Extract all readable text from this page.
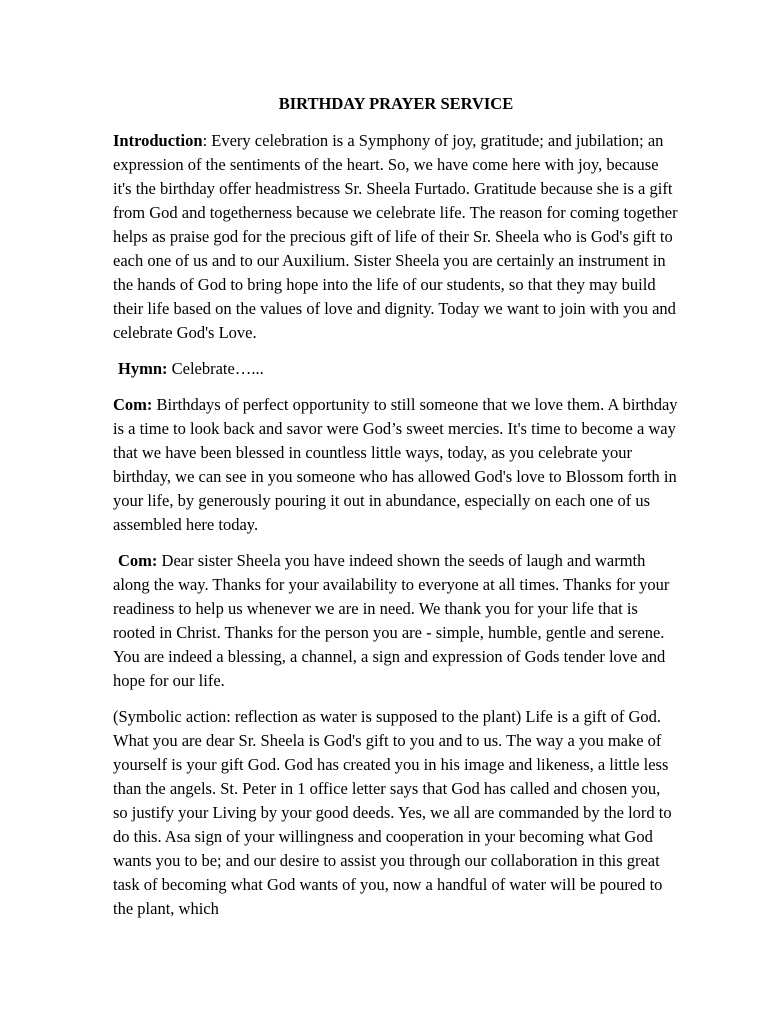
BIRTHDAY PRAYER SERVICE

Introduction: Every celebration is a Symphony of joy, gratitude; and jubilation; an expression of the sentiments of the heart. So, we have come here with joy, because it's the birthday offer headmistress Sr. Sheela Furtado. Gratitude because she is a gift from God and togetherness because we celebrate life. The reason for coming together helps as praise god for the precious gift of life of their Sr. Sheela who is God's gift to each one of us and to our Auxilium. Sister Sheela you are certainly an instrument in the hands of God to bring hope into the life of our students, so that they may build their life based on the values of love and dignity. Today we want to join with you and celebrate God's Love.

Hymn: Celebrate…...

Com: Birthdays of perfect opportunity to still someone that we love them. A birthday is a time to look back and savor were God’s sweet mercies. It's time to become a way that we have been blessed in countless little ways, today, as you celebrate your birthday, we can see in you someone who has allowed God's love to Blossom forth in your life, by generously pouring it out in abundance, especially on each one of us assembled here today.

Com: Dear sister Sheela you have indeed shown the seeds of laugh and warmth along the way. Thanks for your availability to everyone at all times. Thanks for your readiness to help us whenever we are in need. We thank you for your life that is rooted in Christ. Thanks for the person you are - simple, humble, gentle and serene. You are indeed a blessing, a channel, a sign and expression of Gods tender love and hope for our life.

(Symbolic action: reflection as water is supposed to the plant) Life is a gift of God. What you are dear Sr. Sheela is God's gift to you and to us. The way a you make of yourself is your gift God. God has created you in his image and likeness, a little less than the angels. St. Peter in 1 office letter says that God has called and chosen you, so justify your Living by your good deeds. Yes, we all are commanded by the lord to do this. Asa sign of your willingness and cooperation in your becoming what God wants you to be; and our desire to assist you through our collaboration in this great task of becoming what God wants of you, now a handful of water will be poured to the plant, which
